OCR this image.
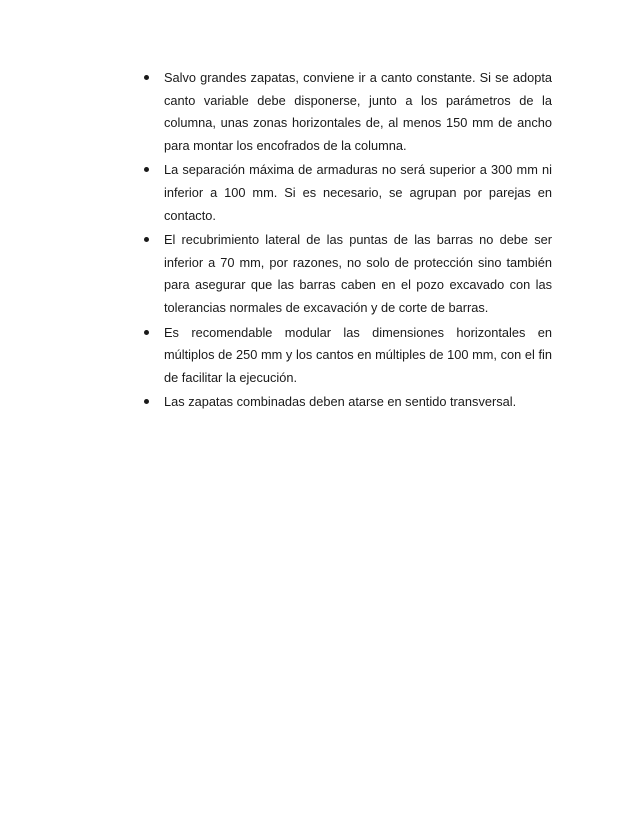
Salvo grandes zapatas, conviene ir a canto constante. Si se adopta canto variable debe disponerse, junto a los parámetros de la columna, unas zonas horizontales de, al menos 150 mm de ancho para montar los encofrados de la columna.
La separación máxima de armaduras no será superior a 300 mm ni inferior a 100 mm. Si es necesario, se agrupan por parejas en contacto.
El recubrimiento lateral de las puntas de las barras no debe ser inferior a 70 mm, por razones, no solo de protección sino también para asegurar que las barras caben en el pozo excavado con las tolerancias normales de excavación y de corte de barras.
Es recomendable modular las dimensiones horizontales en múltiplos de 250 mm y los cantos en múltiples de 100 mm, con el fin de facilitar la ejecución.
Las zapatas combinadas deben atarse en sentido transversal.
